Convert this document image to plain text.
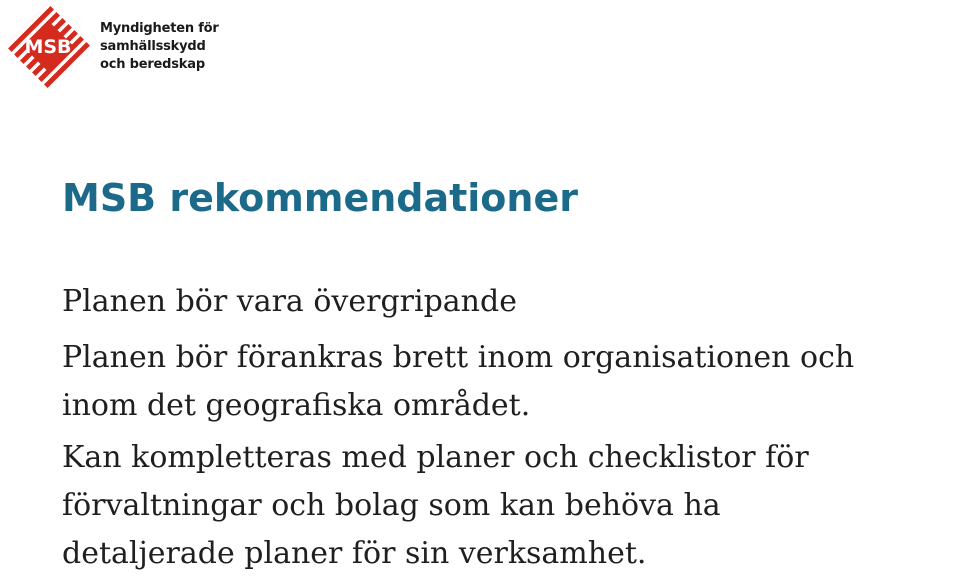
MSB
Myndigheten för
samhällsskydd
och beredskap
MSB rekommendationer

Planen bör vara övergripande

Planen bör förankras brett inom organisationen och
inom det geografiska området.

Kan kompletteras med planer och checklistor för
förvaltningar och bolag som kan behöva ha
detaljerade planer för sin verksamhet.
